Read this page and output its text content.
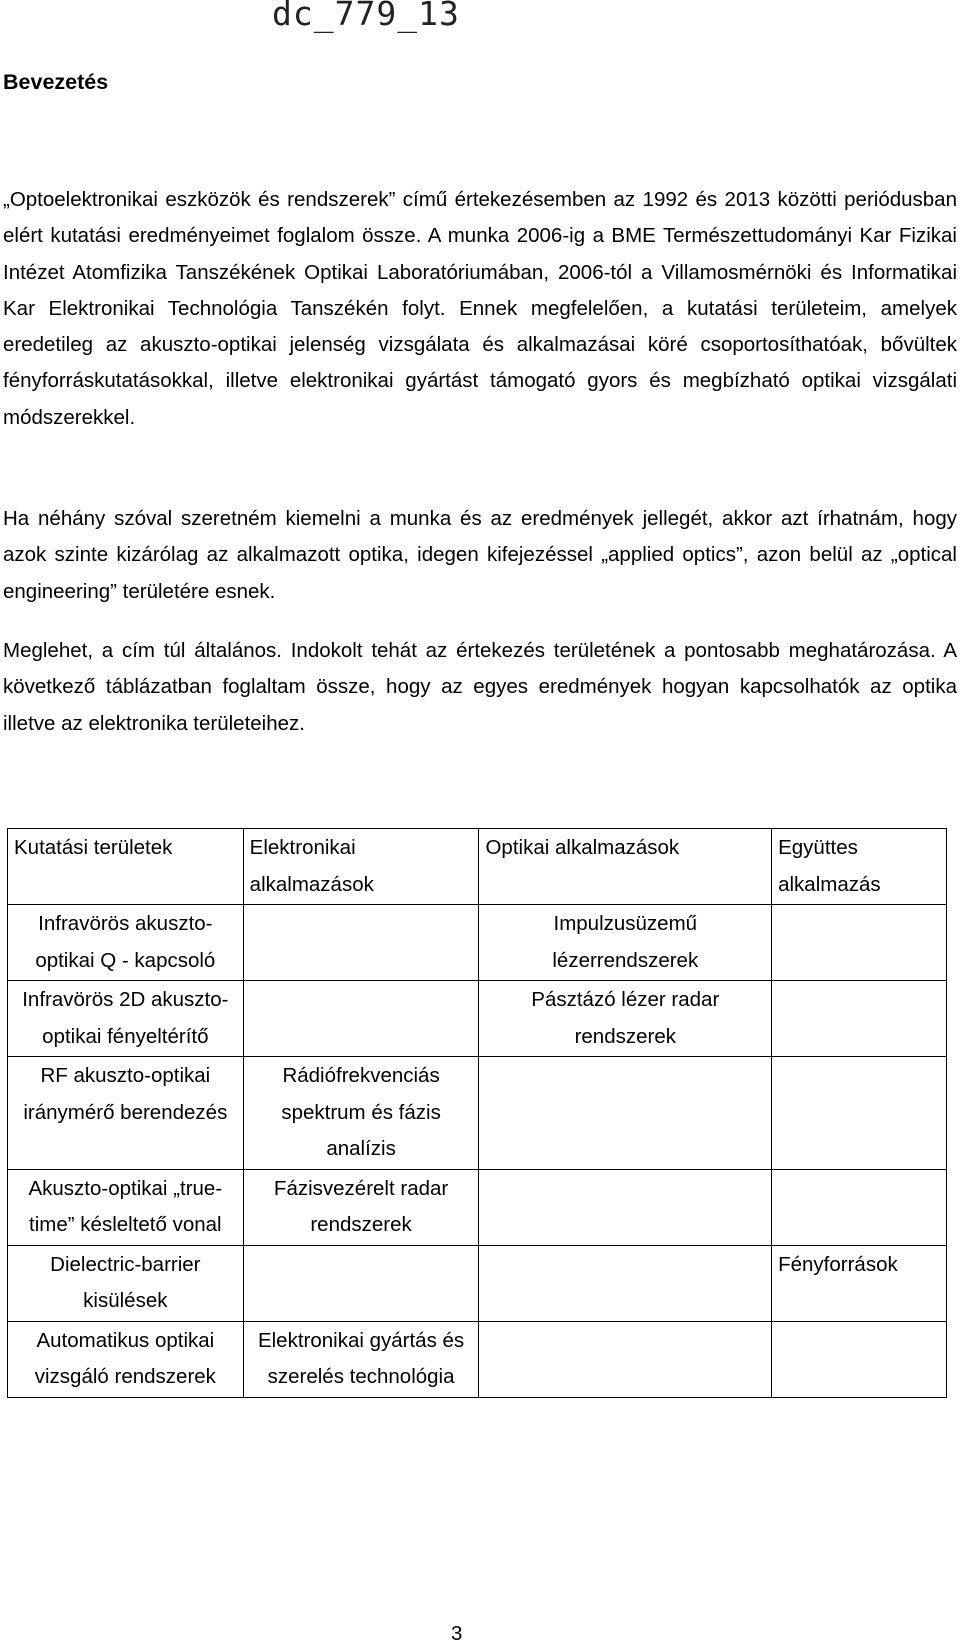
dc_779_13
Bevezetés

„Optoelektronikai eszközök és rendszerek” című értekezésemben az 1992 és 2013 közötti periódusban elért kutatási eredményeimet foglalom össze. A munka 2006-ig a BME Természettudományi Kar Fizikai Intézet Atomfizika Tanszékének Optikai Laboratóriumában, 2006-tól a Villamosmérnöki és Informatikai Kar Elektronikai Technológia Tanszékén folyt. Ennek megfelelően, a kutatási területeim, amelyek eredetileg az akuszto-optikai jelenség vizsgálata és alkalmazásai köré csoportosíthatóak, bővültek fényforráskutatásokkal, illetve elektronikai gyártást támogató gyors és megbízható optikai vizsgálati módszerekkel.

Ha néhány szóval szeretném kiemelni a munka és az eredmények jellegét, akkor azt írhatnám, hogy azok szinte kizárólag az alkalmazott optika, idegen kifejezéssel „applied optics”, azon belül az „optical engineering” területére esnek.

Meglehet, a cím túl általános. Indokolt tehát az értekezés területének a pontosabb meghatározása. A következő táblázatban foglaltam össze, hogy az egyes eredmények hogyan kapcsolhatók az optika illetve az elektronika területeihez.

Kutatási területek	Elektronikai alkalmazások	Optikai alkalmazások	Együttes alkalmazás
Infravörös akuszto-optikai Q - kapcsoló		Impulzusüzemű lézerrendszerek	
Infravörös 2D akuszto-optikai fényeltérítő		Pásztázó lézer radar rendszerek	
RF akuszto-optikai iránymérő berendezés	Rádiófrekvenciás spektrum és fázis analízis		
Akuszto-optikai „true-time” késleltető vonal	Fázisvezérelt radar rendszerek		
Dielectric-barrier kisülések			Fényforrások
Automatikus optikai vizsgáló rendszerek	Elektronikai gyártás és szerelés technológia		
3
